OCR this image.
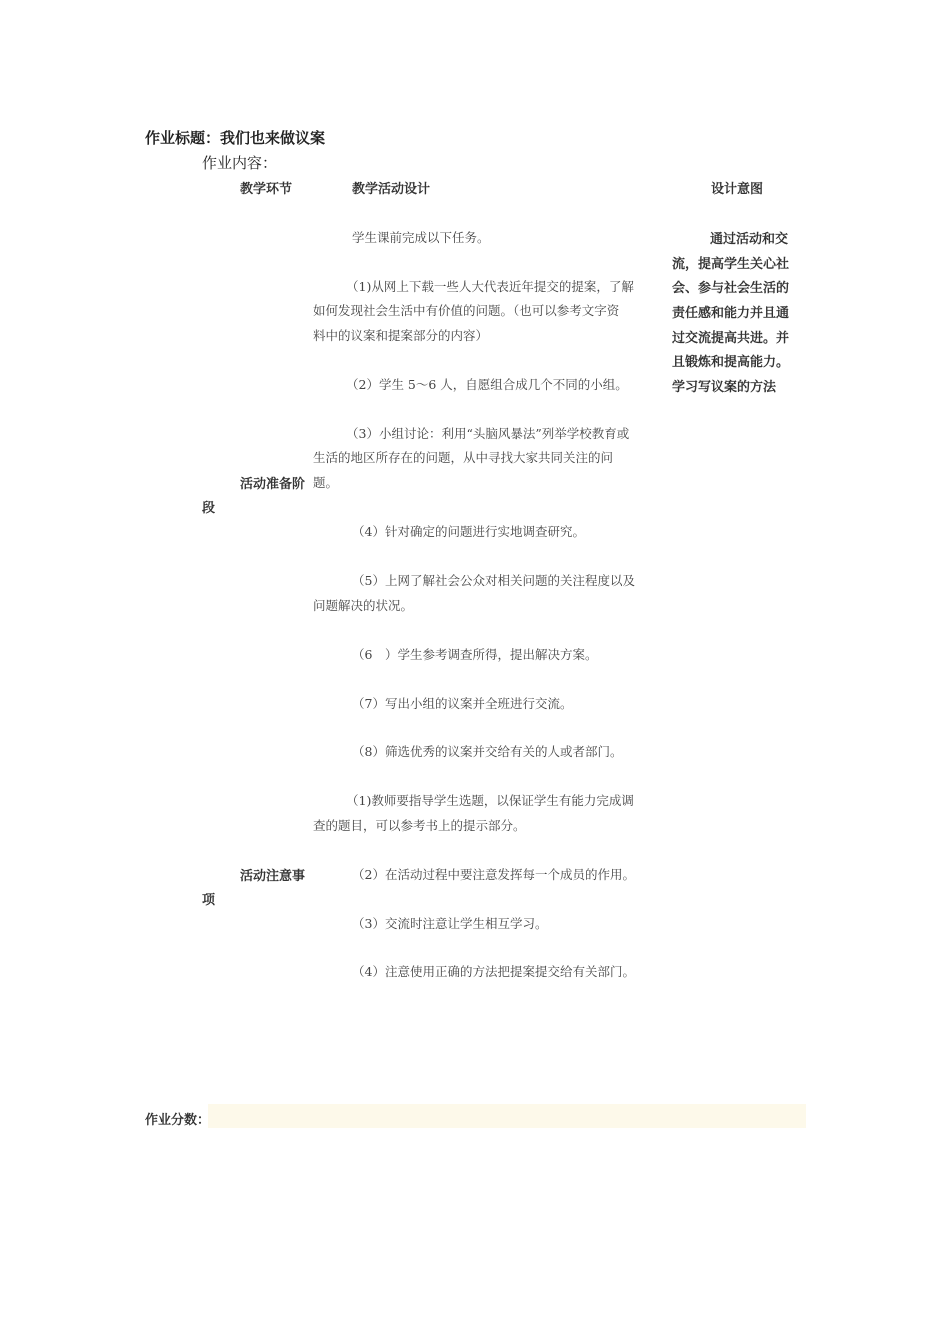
作业标题：我们也来做议案
作业内容：
教学环节	教学活动设计	设计意图
学生课前完成以下任务。
（1)从网上下载一些人大代表近年提交的提案，了解
如何发现社会生活中有价值的问题。（也可以参考文字资
料中的议案和提案部分的内容）
（2）学生 5～6 人，自愿组合成几个不同的小组。
（3）小组讨论：利用“头脑风暴法”列举学校教育或
生活的地区所存在的问题，从中寻找大家共同关注的问
题。
（4）针对确定的问题进行实地调查研究。
（5）上网了解社会公众对相关问题的关注程度以及
问题解决的状况。
（6　）学生参考调查所得，提出解决方案。
（7）写出小组的议案并全班进行交流。
（8）筛选优秀的议案并交给有关的人或者部门。
活动准备阶
段
通过活动和交
流，提高学生关心社
会、参与社会生活的
责任感和能力并且通
过交流提高共进。并
且锻炼和提高能力。
学习写议案的方法
（1)教师要指导学生选题，以保证学生有能力完成调
查的题目，可以参考书上的提示部分。
（2）在活动过程中要注意发挥每一个成员的作用。
（3）交流时注意让学生相互学习。
（4）注意使用正确的方法把提案提交给有关部门。
活动注意事
项
作业分数：
